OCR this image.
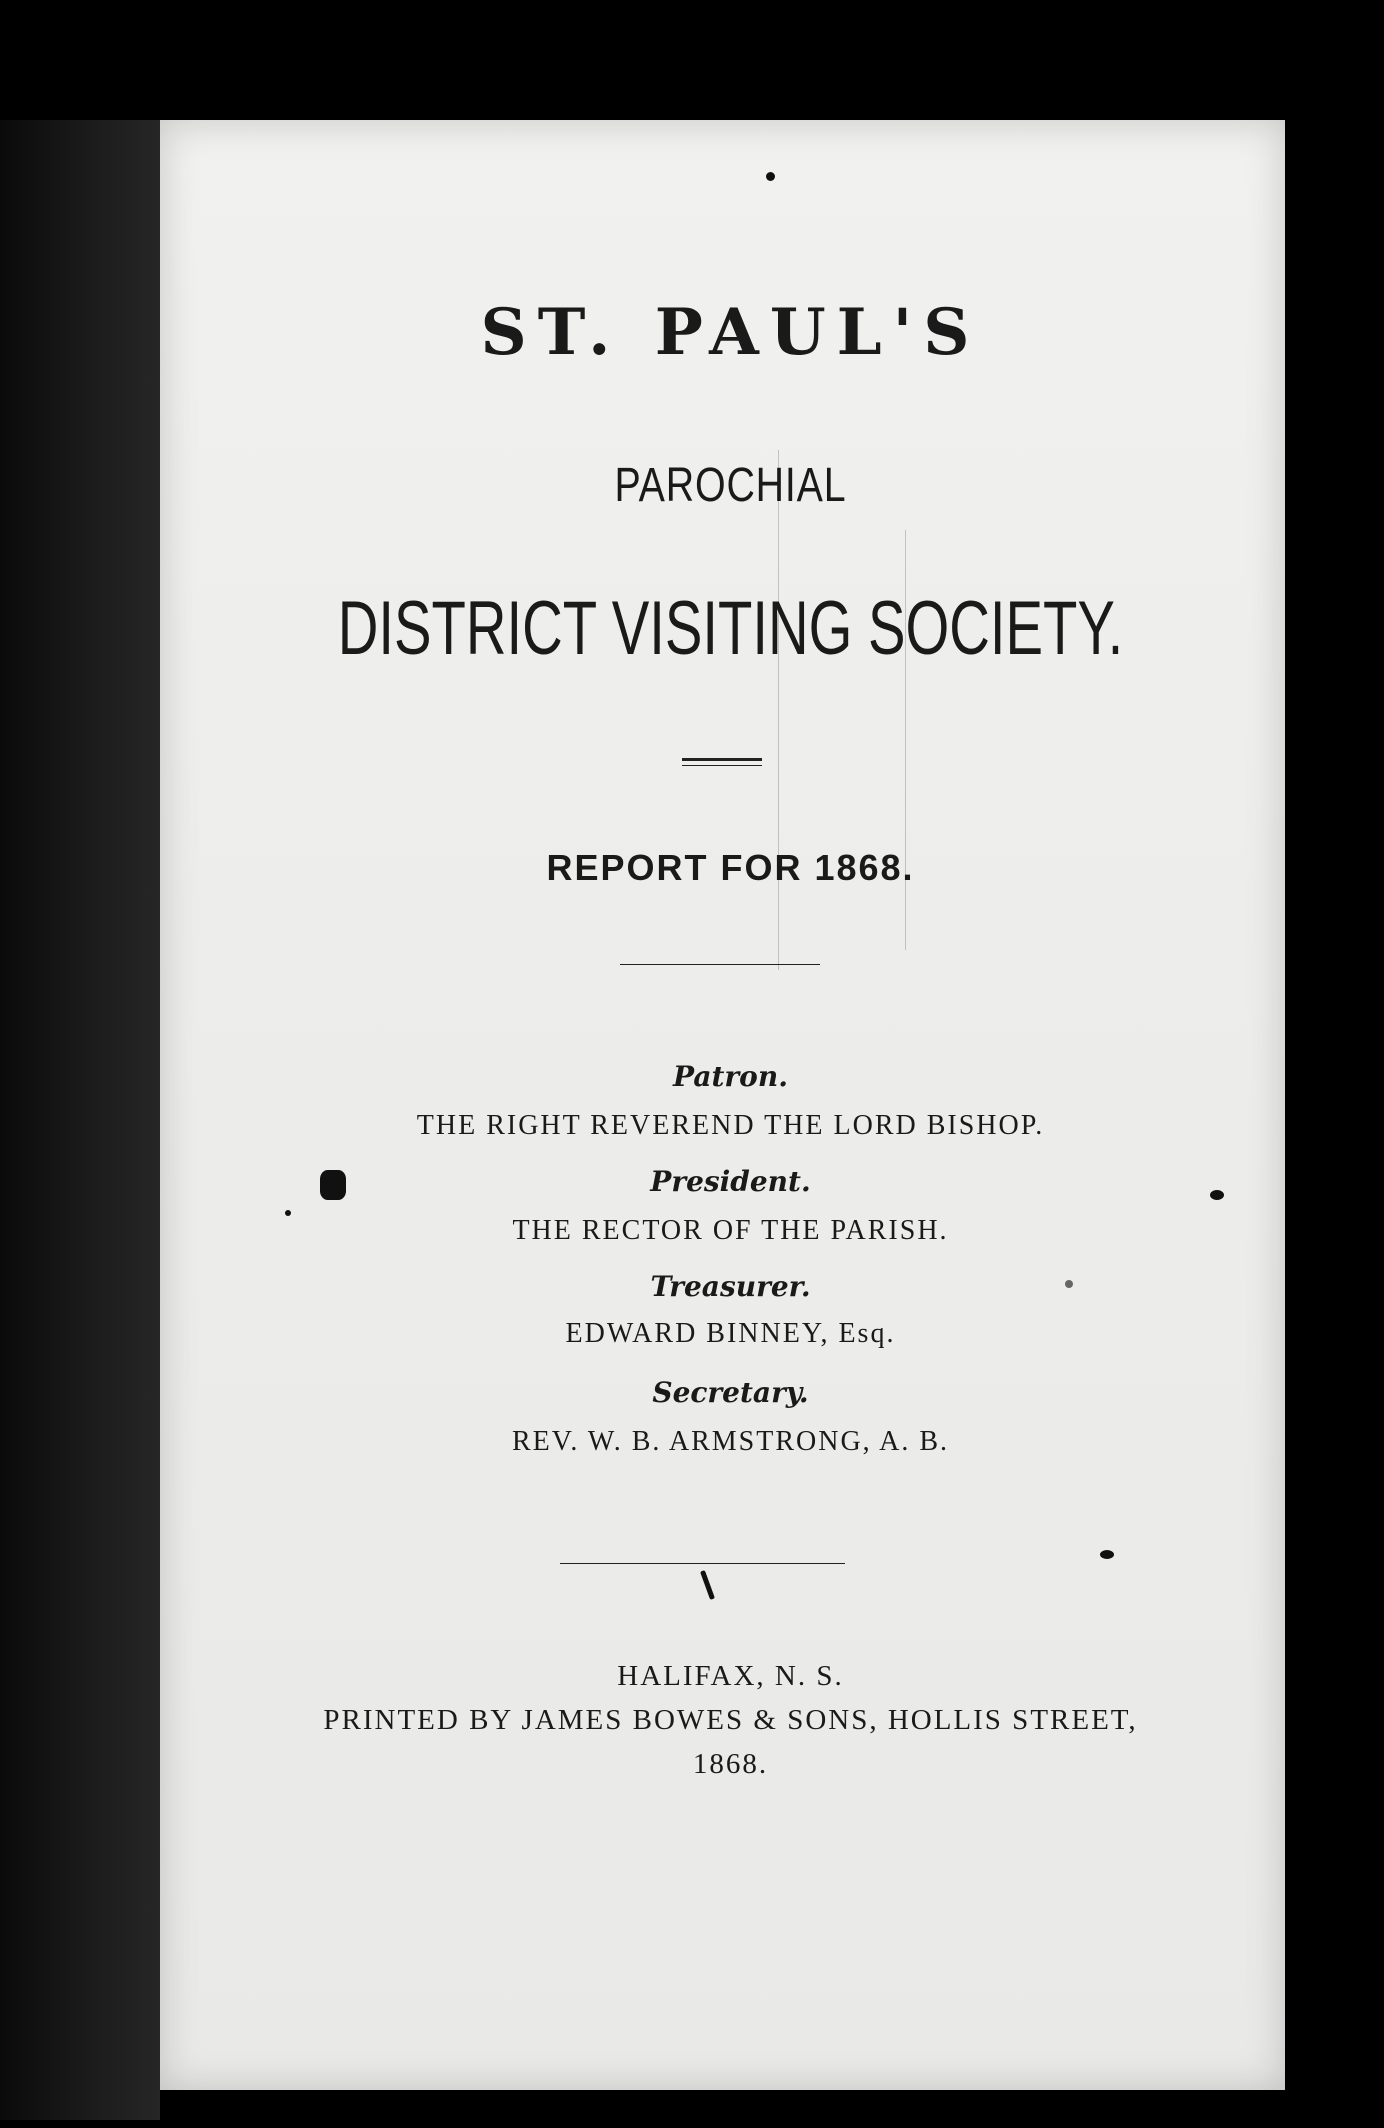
ST. PAUL'S
PAROCHIAL
DISTRICT VISITING SOCIETY.
REPORT FOR 1868.
Patron.
THE RIGHT REVEREND THE LORD BISHOP.
President.
THE RECTOR OF THE PARISH.
Treasurer.
EDWARD BINNEY, Esq.
Secretary.
REV. W. B. ARMSTRONG, A. B.
HALIFAX, N. S.
PRINTED BY JAMES BOWES & SONS, HOLLIS STREET,
1868.
